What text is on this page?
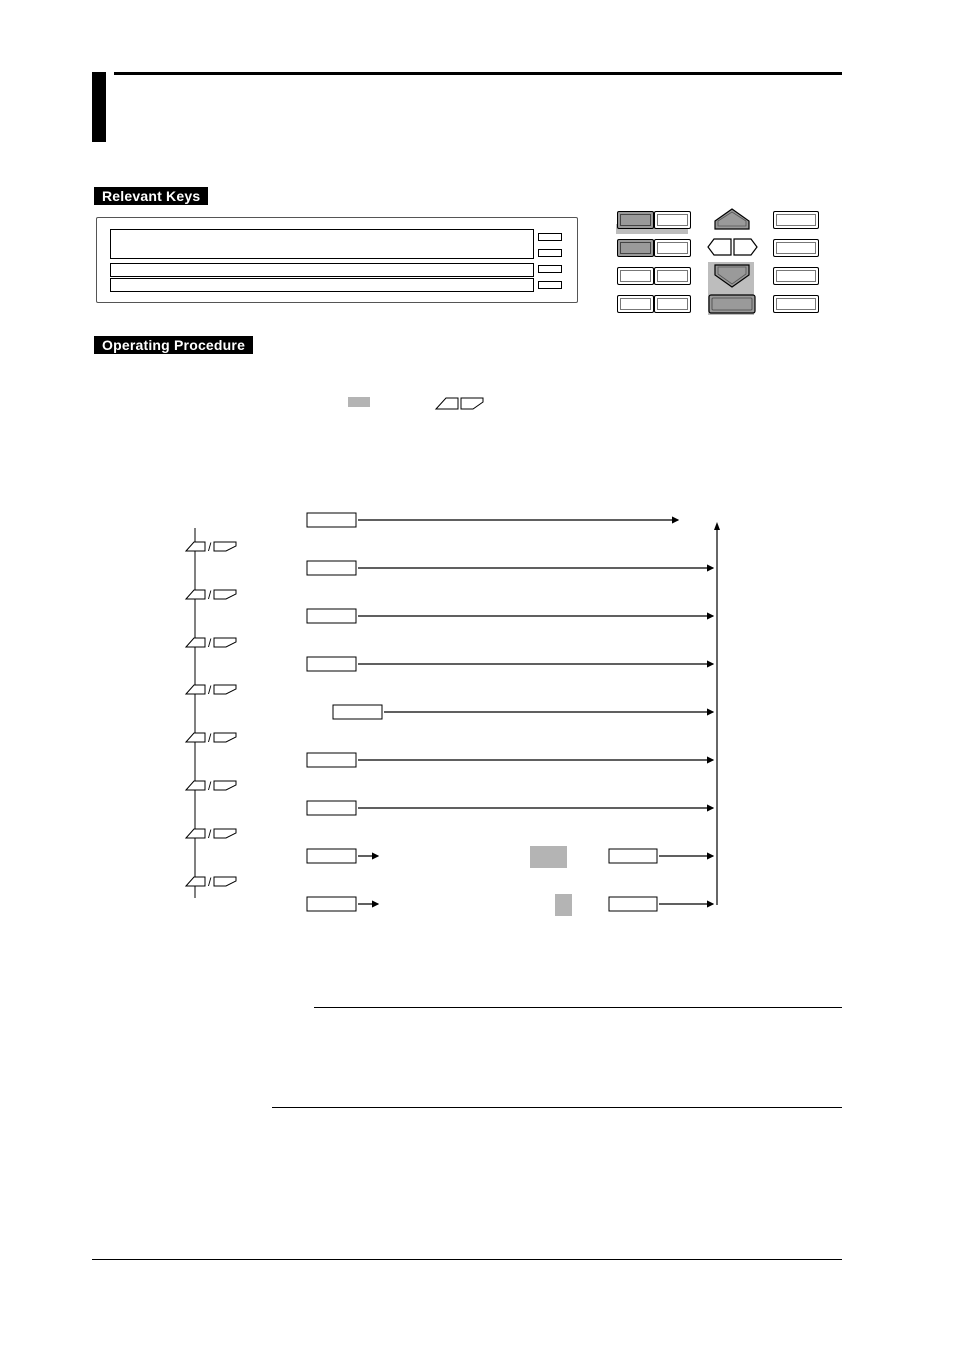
Relevant Keys
Operating Procedure
/
/
/
/
/
/
/
/
